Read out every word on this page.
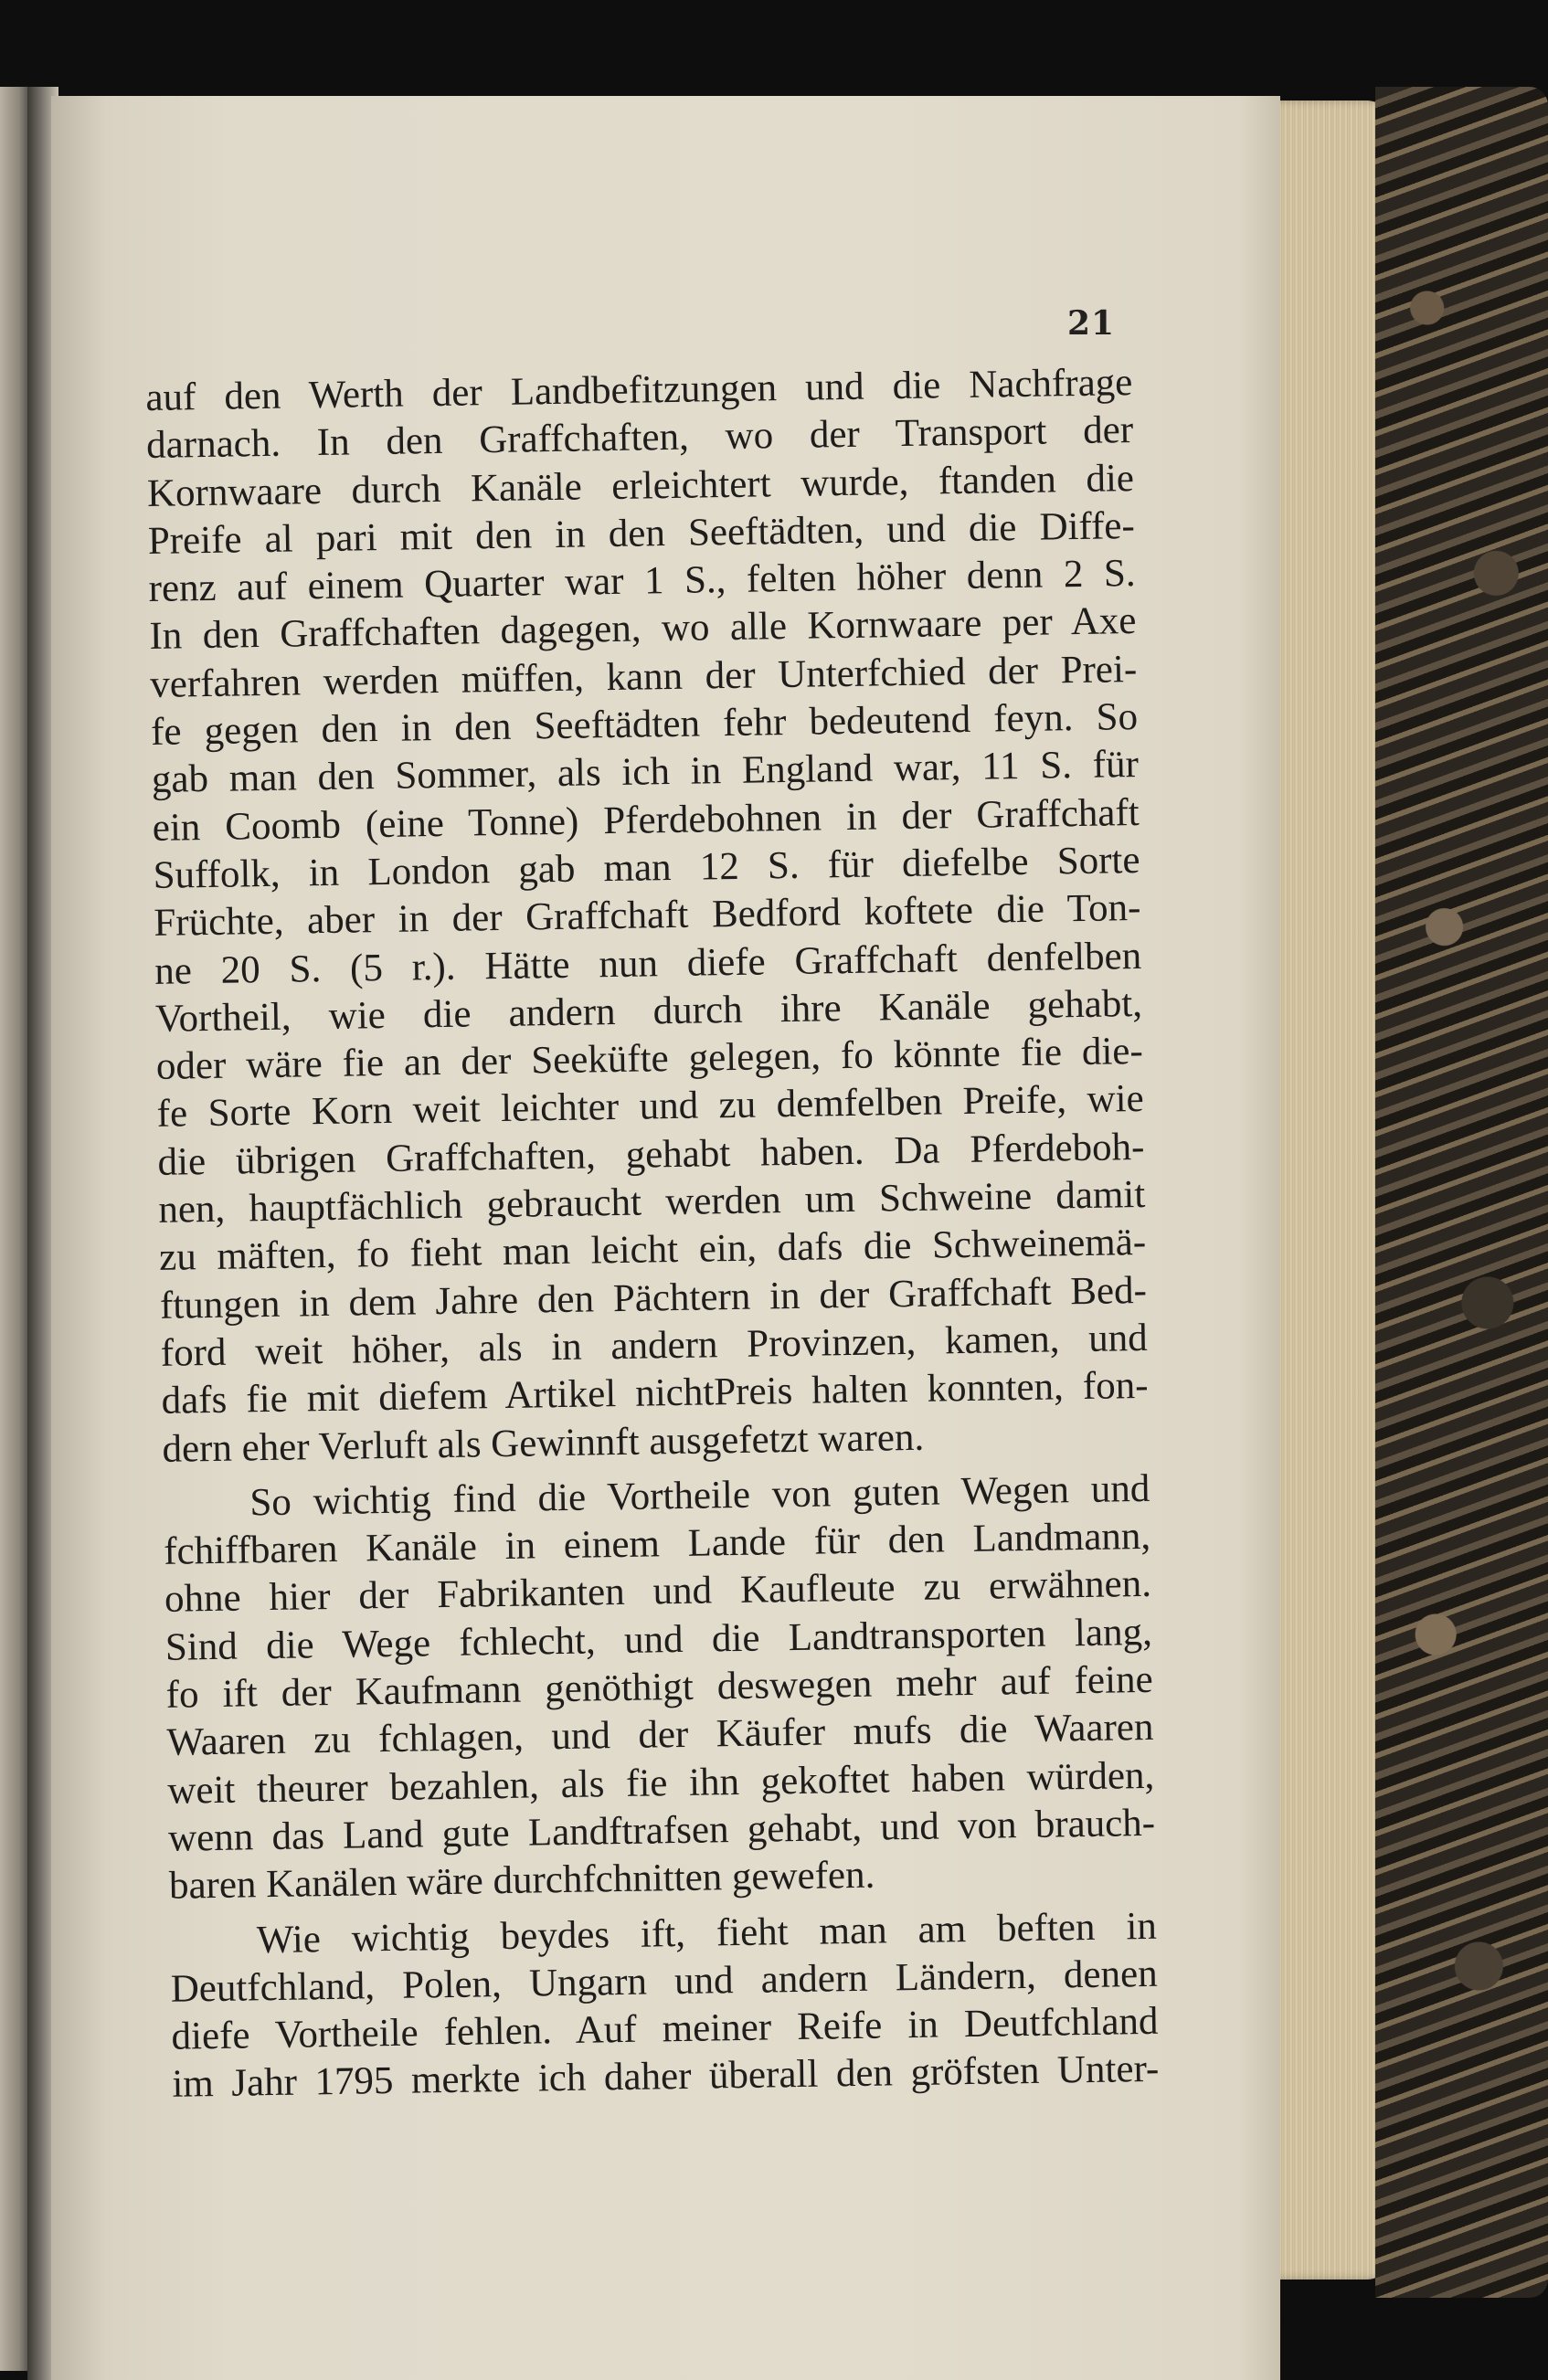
21
auf den Werth der Landbefitzungen und die Nachfrage
darnach. In den Graffchaften, wo der Transport der
Kornwaare durch Kanäle erleichtert wurde, ftanden die
Preife al pari mit den in den Seeftädten, und die Diffe-
renz auf einem Quarter war 1 S., felten höher denn 2 S.
In den Graffchaften dagegen, wo alle Kornwaare per Axe
verfahren werden müffen, kann der Unterfchied der Prei-
fe gegen den in den Seeftädten fehr bedeutend feyn. So
gab man den Sommer, als ich in England war, 11 S. für
ein Coomb (eine Tonne) Pferdebohnen in der Graffchaft
Suffolk, in London gab man 12 S. für diefelbe Sorte
Früchte, aber in der Graffchaft Bedford koftete die Ton-
ne 20 S. (5 r.). Hätte nun diefe Graffchaft denfelben
Vortheil, wie die andern durch ihre Kanäle gehabt,
oder wäre fie an der Seeküfte gelegen, fo könnte fie die-
fe Sorte Korn weit leichter und zu demfelben Preife, wie
die übrigen Graffchaften, gehabt haben. Da Pferdeboh-
nen, hauptfächlich gebraucht werden um Schweine damit
zu mäften, fo fieht man leicht ein, dafs die Schweinemä-
ftungen in dem Jahre den Pächtern in der Graffchaft Bed-
ford weit höher, als in andern Provinzen, kamen, und
dafs fie mit diefem Artikel nichtPreis halten konnten, fon-
dern eher Verluft als Gewinnft ausgefetzt waren.
So wichtig find die Vortheile von guten Wegen und
fchiffbaren Kanäle in einem Lande für den Landmann,
ohne hier der Fabrikanten und Kaufleute zu erwähnen.
Sind die Wege fchlecht, und die Landtransporten lang,
fo ift der Kaufmann genöthigt deswegen mehr auf feine
Waaren zu fchlagen, und der Käufer mufs die Waaren
weit theurer bezahlen, als fie ihn gekoftet haben würden,
wenn das Land gute Landftrafsen gehabt, und von brauch-
baren Kanälen wäre durchfchnitten gewefen.
Wie wichtig beydes ift, fieht man am beften in
Deutfchland, Polen, Ungarn und andern Ländern, denen
diefe Vortheile fehlen. Auf meiner Reife in Deutfchland
im Jahr 1795 merkte ich daher überall den gröfsten Unter-
